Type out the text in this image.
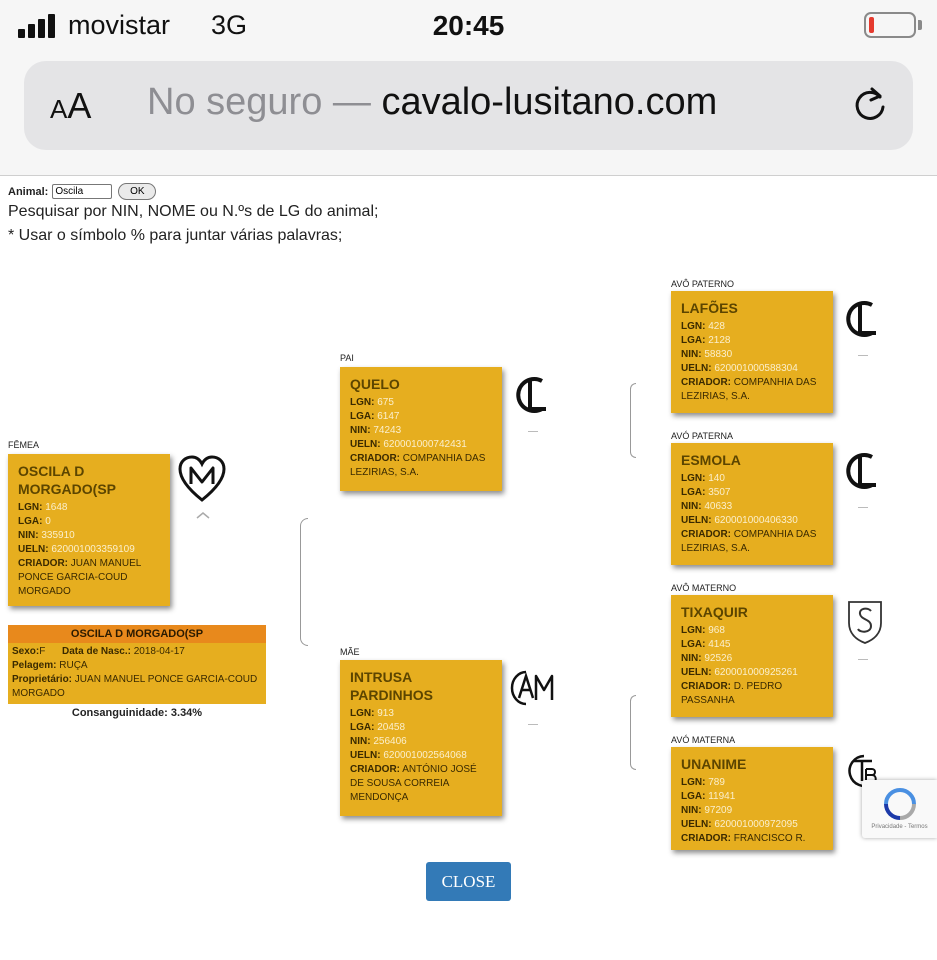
movistar 3G	20:45
AA No seguro — cavalo-lusitano.com
Animal:
Oscila	OK
Pesquisar por NIN, NOME ou N.ºs de LG do animal;
* Usar o símbolo % para juntar várias palavras;
FÊMEA
OSCILA D MORGADO(SP
LGN: 1648
LGA: 0
NIN: 335910
UELN: 620001003359109
CRIADOR: JUAN MANUEL PONCE GARCIA-COUD MORGADO
OSCILA D MORGADO(SP
Sexo:F Data de Nasc.: 2018-04-17
Pelagem: RUÇA
Proprietário: JUAN MANUEL PONCE GARCIA-COUD MORGADO
Consanguinidade: 3.34%
PAI
QUELO
LGN: 675
LGA: 6147
NIN: 74243
UELN: 620001000742431
CRIADOR: COMPANHIA DAS LEZIRIAS, S.A.
MÃE
INTRUSA PARDINHOS
LGN: 913
LGA: 20458
NIN: 256406
UELN: 620001002564068
CRIADOR: ANTÓNIO JOSÉ DE SOUSA CORREIA MENDONÇA
AVÔ PATERNO
LAFÕES
LGN: 428
LGA: 2128
NIN: 58830
UELN: 620001000588304
CRIADOR: COMPANHIA DAS LEZIRIAS, S.A.
AVÓ PATERNA
ESMOLA
LGN: 140
LGA: 3507
NIN: 40633
UELN: 620001000406330
CRIADOR: COMPANHIA DAS LEZIRIAS, S.A.
AVÔ MATERNO
TIXAQUIR
LGN: 968
LGA: 4145
NIN: 92526
UELN: 620001000925261
CRIADOR: D. PEDRO PASSANHA
AVÓ MATERNA
UNANIME
LGN: 789
LGA: 11941
NIN: 97209
UELN: 620001000972095
CRIADOR: FRANCISCO R.
CLOSE
Privacidade - Termos
